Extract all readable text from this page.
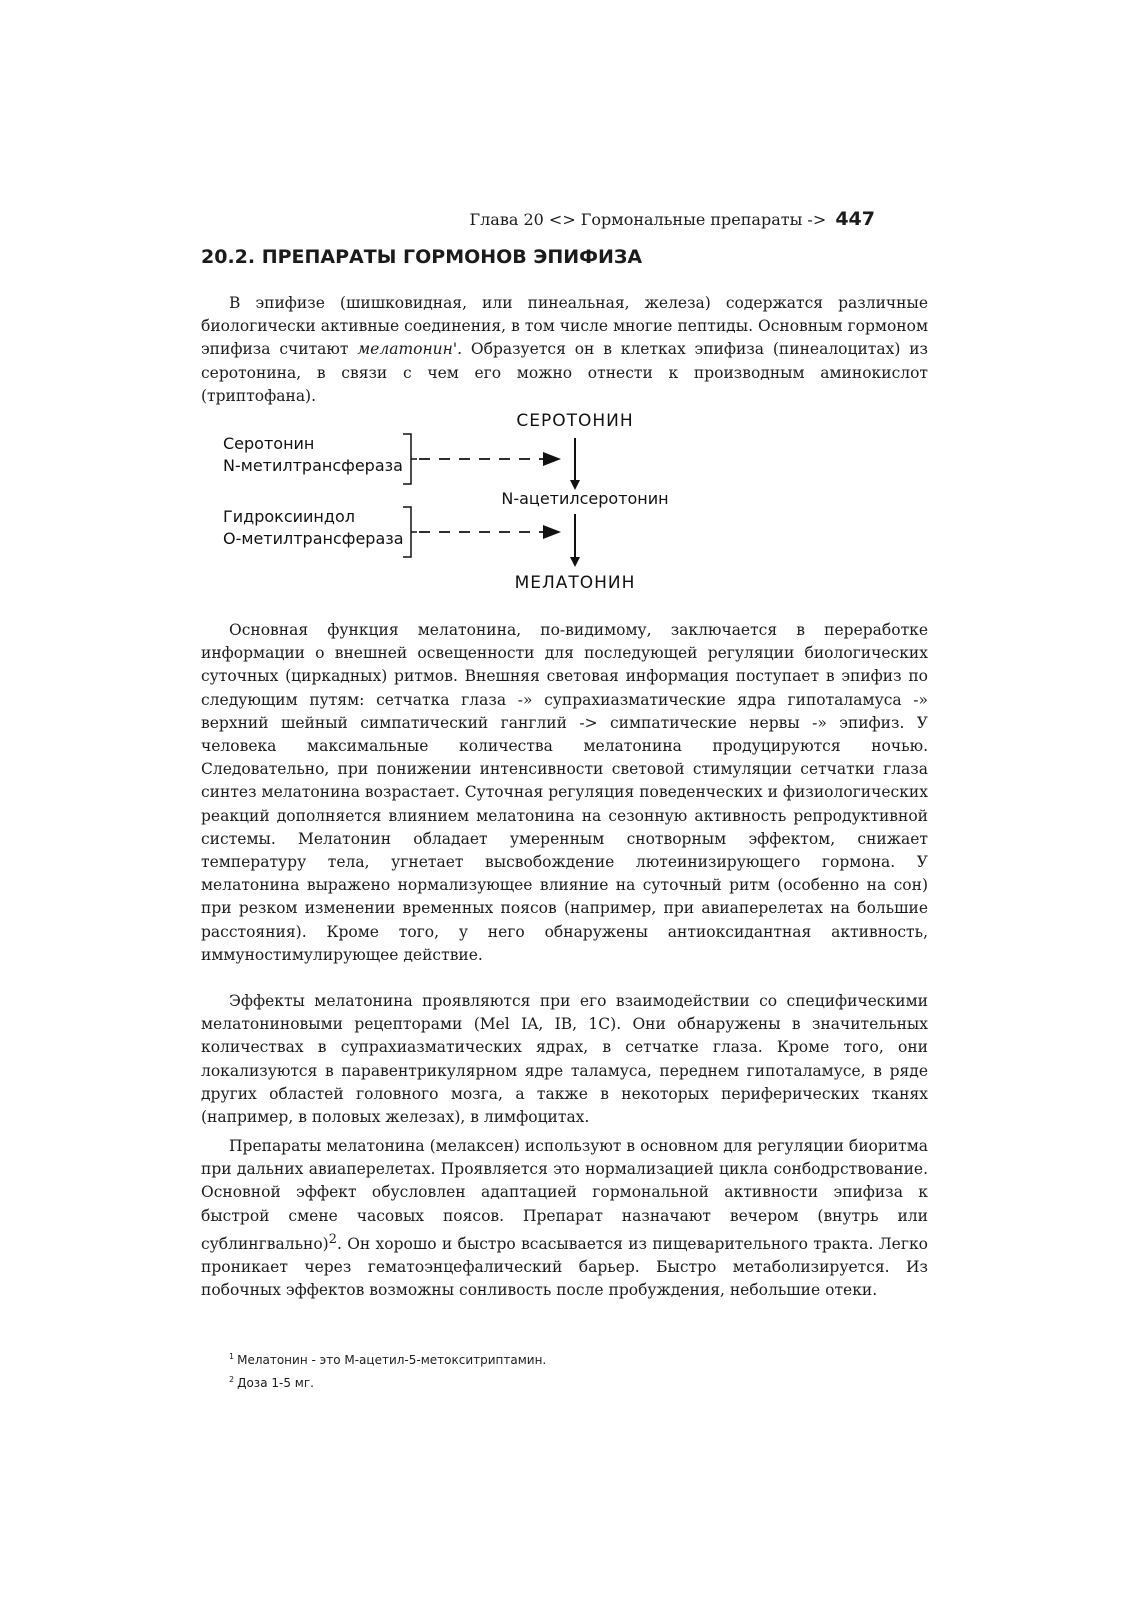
Глава 20 <> Гормональные препараты -> 447
20.2. ПРЕПАРАТЫ ГОРМОНОВ ЭПИФИЗА

В эпифизе (шишковидная, или пинеальная, железа) содержатся различные биологически активные соединения, в том числе многие пептиды. Основным гормоном эпифиза считают мелатонин'. Образуется он в клетках эпифиза (пинеалоцитах) из серотонина, в связи с чем его можно отнести к производным аминокислот (триптофана).

СЕРОТОНИН
N-ацетилсеротонин
МЕЛАТОНИН
Серотонин
N-метилтрансфераза
Гидроксииндол
О-метилтрансфераза

Основная функция мелатонина, по-видимому, заключается в переработке информации о внешней освещенности для последующей регуляции биологических суточных (циркадных) ритмов. Внешняя световая информация поступает в эпифиз по следующим путям: сетчатка глаза -» супрахиазматические ядра гипоталамуса -» верхний шейный симпатический ганглий -> симпатические нервы -» эпифиз. У человека максимальные количества мелатонина продуцируются ночью. Следовательно, при понижении интенсивности световой стимуляции сетчатки глаза синтез мелатонина возрастает. Суточная регуляция поведенческих и физиологических реакций дополняется влиянием мелатонина на сезонную активность репродуктивной системы. Мелатонин обладает умеренным снотворным эффектом, снижает температуру тела, угнетает высвобождение лютеинизирующего гормона. У мелатонина выражено нормализующее влияние на суточный ритм (особенно на сон) при резком изменении временных поясов (например, при авиаперелетах на большие расстояния). Кроме того, у него обнаружены антиоксидантная активность, иммуностимулирующее действие.

Эффекты мелатонина проявляются при его взаимодействии со специфическими мелатониновыми рецепторами (Mel IA, IB, 1С). Они обнаружены в значительных количествах в супрахиазматических ядрах, в сетчатке глаза. Кроме того, они локализуются в паравентрикулярном ядре таламуса, переднем гипоталамусе, в ряде других областей головного мозга, а также в некоторых периферических тканях (например, в половых железах), в лимфоцитах.

Препараты мелатонина (мелаксен) используют в основном для регуляции биоритма при дальних авиаперелетах. Проявляется это нормализацией цикла сонбодрствование. Основной эффект обусловлен адаптацией гормональной активности эпифиза к быстрой смене часовых поясов. Препарат назначают вечером (внутрь или сублингвально)$^2$. Он хорошо и быстро всасывается из пищеварительного тракта. Легко проникает через гематоэнцефалический барьер. Быстро метаболизируется. Из побочных эффектов возможны сонливость после пробуждения, небольшие отеки.

$^1$ Мелатонин - это М-ацетил-5-метокситриптамин.
$^2$ Доза 1-5 мг.
